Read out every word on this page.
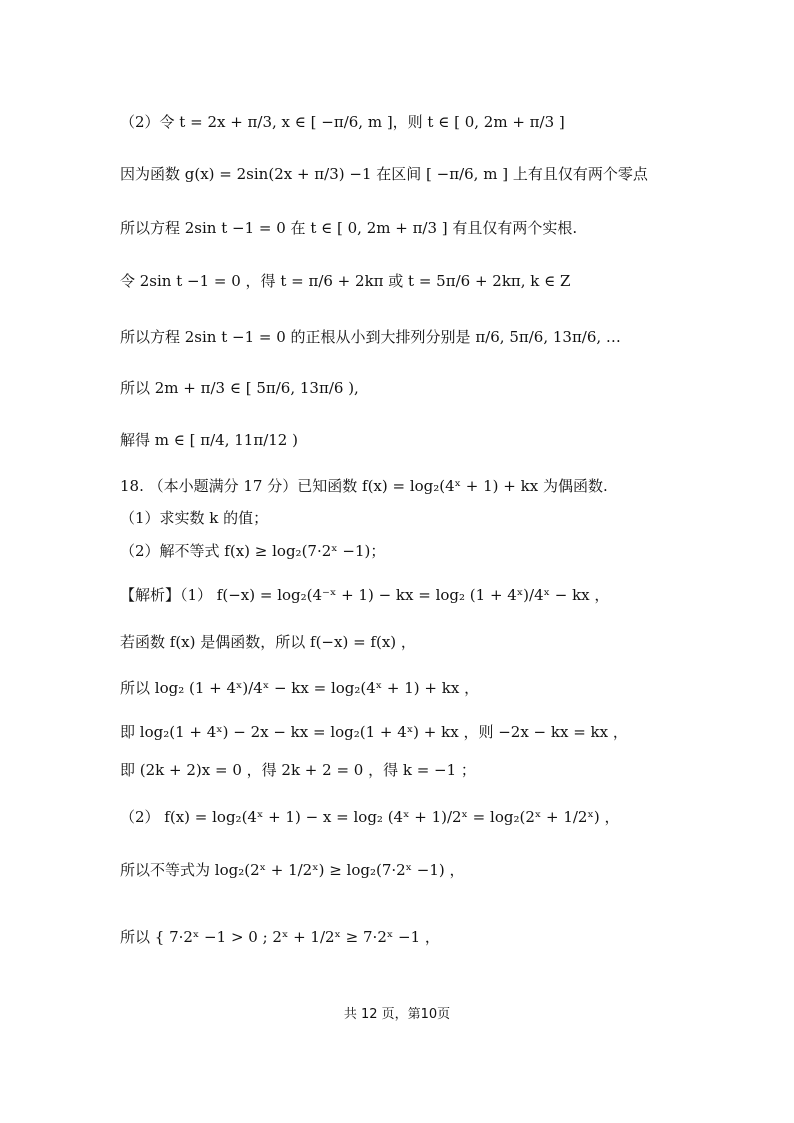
（2）令 t = 2x + π/3, x ∈ [ −π/6, m ]，则 t ∈ [ 0, 2m + π/3 ]
因为函数 g(x) = 2sin(2x + π/3) −1 在区间 [ −π/6, m ] 上有且仅有两个零点
所以方程 2sin t −1 = 0 在 t ∈ [ 0, 2m + π/3 ] 有且仅有两个实根.
令 2sin t −1 = 0 ，得 t = π/6 + 2kπ 或 t = 5π/6 + 2kπ, k ∈ Z
所以方程 2sin t −1 = 0 的正根从小到大排列分别是 π/6, 5π/6, 13π/6, …
所以 2m + π/3 ∈ [ 5π/6, 13π/6 ),
解得 m ∈ [ π/4, 11π/12 )
18. （本小题满分 17 分）已知函数 f(x) = log₂(4ˣ + 1) + kx 为偶函数.
（1）求实数 k 的值；
（2）解不等式 f(x) ≥ log₂(7·2ˣ −1)；
【解析】（1） f(−x) = log₂(4⁻ˣ + 1) − kx = log₂ (1 + 4ˣ)/4ˣ − kx ，
若函数 f(x) 是偶函数，所以 f(−x) = f(x) ，
所以 log₂ (1 + 4ˣ)/4ˣ − kx = log₂(4ˣ + 1) + kx ，
即 log₂(1 + 4ˣ) − 2x − kx = log₂(1 + 4ˣ) + kx ，则 −2x − kx = kx ，
即 (2k + 2)x = 0 ，得 2k + 2 = 0 ，得 k = −1 ；
（2） f(x) = log₂(4ˣ + 1) − x = log₂ (4ˣ + 1)/2ˣ = log₂(2ˣ + 1/2ˣ) ，
所以不等式为 log₂(2ˣ + 1/2ˣ) ≥ log₂(7·2ˣ −1) ，
所以 { 7·2ˣ −1 > 0 ; 2ˣ + 1/2ˣ ≥ 7·2ˣ −1 ，
共 12 页，第10页
